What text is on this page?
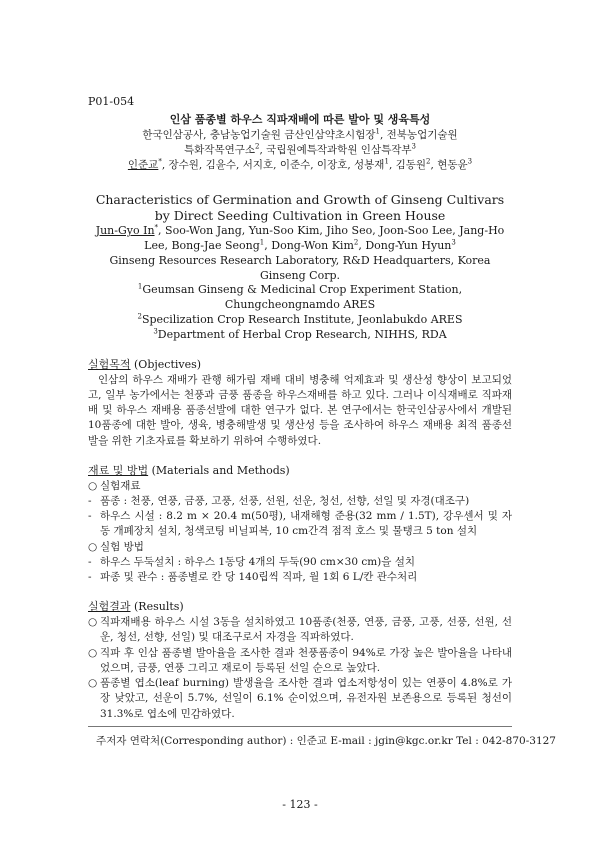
P01-054
인삼 품종별 하우스 직파재배에 따른 발아 및 생육특성
한국인삼공사, 충남농업기술원 금산인삼약초시험장$^1$, 전북농업기술원
특화작목연구소$^2$, 국립원예특작과학원 인삼특작부$^3$
인준교*, 장수원, 김윤수, 서지호, 이준수, 이장호, 성봉재$^1$, 김동원$^2$, 현동윤$^3$
Characteristics of Germination and Growth of Ginseng Cultivars by Direct Seeding Cultivation in Green House
Jun-Gyo In*, Soo-Won Jang, Yun-Soo Kim, Jiho Seo, Joon-Soo Lee, Jang-Ho Lee, Bong-Jae Seong$^1$, Dong-Won Kim$^2$, Dong-Yun Hyun$^3$
Ginseng Resources Research Laboratory, R&D Headquarters, Korea Ginseng Corp.
$^1$Geumsan Ginseng & Medicinal Crop Experiment Station, Chungcheongnamdo ARES
$^2$Specilization Crop Research Institute, Jeonlabukdo ARES
$^3$Department of Herbal Crop Research, NIHHS, RDA
실험목적 (Objectives)
인삼의 하우스 재배가 관행 해가림 재배 대비 병충해 억제효과 및 생산성 향상이 보고되었고, 일부 농가에서는 천풍과 금풍 품종을 하우스재배를 하고 있다. 그러나 이식재배로 직파재배 및 하우스 재배용 품종선발에 대한 연구가 없다. 본 연구에서는 한국인삼공사에서 개발된 10품종에 대한 발아, 생육, 병충해발생 및 생산성 등을 조사하여 하우스 재배용 최적 품종선발을 위한 기초자료를 확보하기 위하여 수행하였다.
재료 및 방법 (Materials and Methods)
○ 실험재료
- 품종 : 천풍, 연풍, 금풍, 고풍, 선풍, 선원, 선운, 청선, 선향, 선일 및 자경(대조구)
- 하우스 시설 : 8.2 m × 20.4 m(50평), 내재해형 준용(32 mm / 1.5T), 강우센서 및 자동 개폐장치 설치, 청색코팅 비닐피복, 10 cm간격 점적 호스 및 물탱크 5 ton 설치
○ 실험 방법
- 하우스 두둑설치 : 하우스 1동당 4개의 두둑(90 cm×30 cm)을 설치
- 파종 및 관수 : 품종별로 칸 당 140립씩 직파, 월 1회 6 L/칸 관수처리
실험결과 (Results)
○ 직파재배용 하우스 시설 3동을 설치하였고 10품종(천풍, 연풍, 금풍, 고풍, 선풍, 선원, 선운, 청선, 선향, 선일) 및 대조구로서 자경을 직파하였다.
○ 직파 후 인삼 품종별 발아율을 조사한 결과 천풍품종이 94%로 가장 높은 발아율을 나타내었으며, 금풍, 연풍 그리고 재로이 등록된 선일 순으로 높았다.
○ 품종별 엽소(leaf burning) 발생율을 조사한 결과 엽소저항성이 있는 연풍이 4.8%로 가장 낮았고, 선운이 5.7%, 선일이 6.1% 순이었으며, 유전자원 보존용으로 등록된 청선이 31.3%로 엽소에 민감하였다.
주저자 연락처(Corresponding author) : 인준교 E-mail : jgin@kgc.or.kr Tel : 042-870-3127
- 123 -
